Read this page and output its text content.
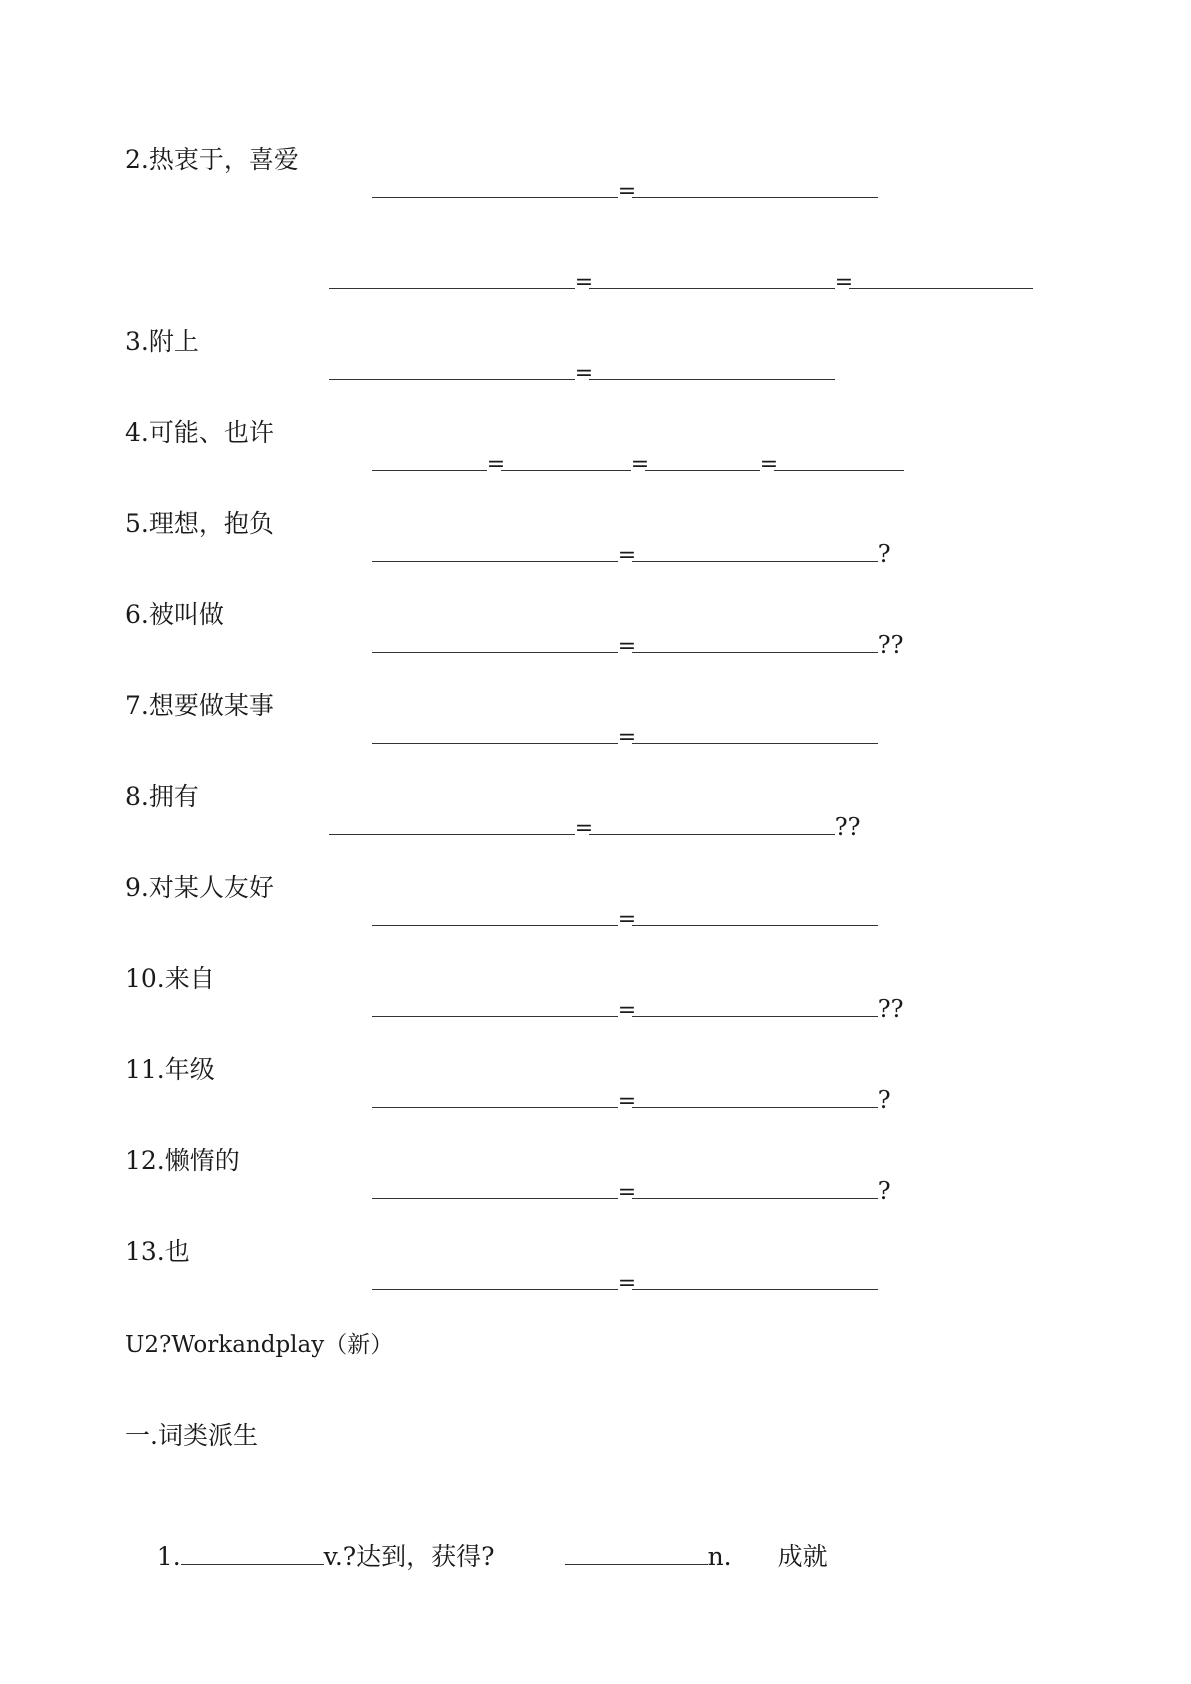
2.热衷于，喜爱

=

=	=

3.附上

=

4.可能、也许

=	=	=

5.理想，抱负

=	?

6.被叫做

=	??

7.想要做某事

=

8.拥有

=	??

9.对某人友好

=

10.来自

=	??

11.年级

=	?

12.懒惰的

=	?

13.也

=

U2?Workandplay（新）
一.词类派生

1.	v.?达到，获得?	n. 成就
